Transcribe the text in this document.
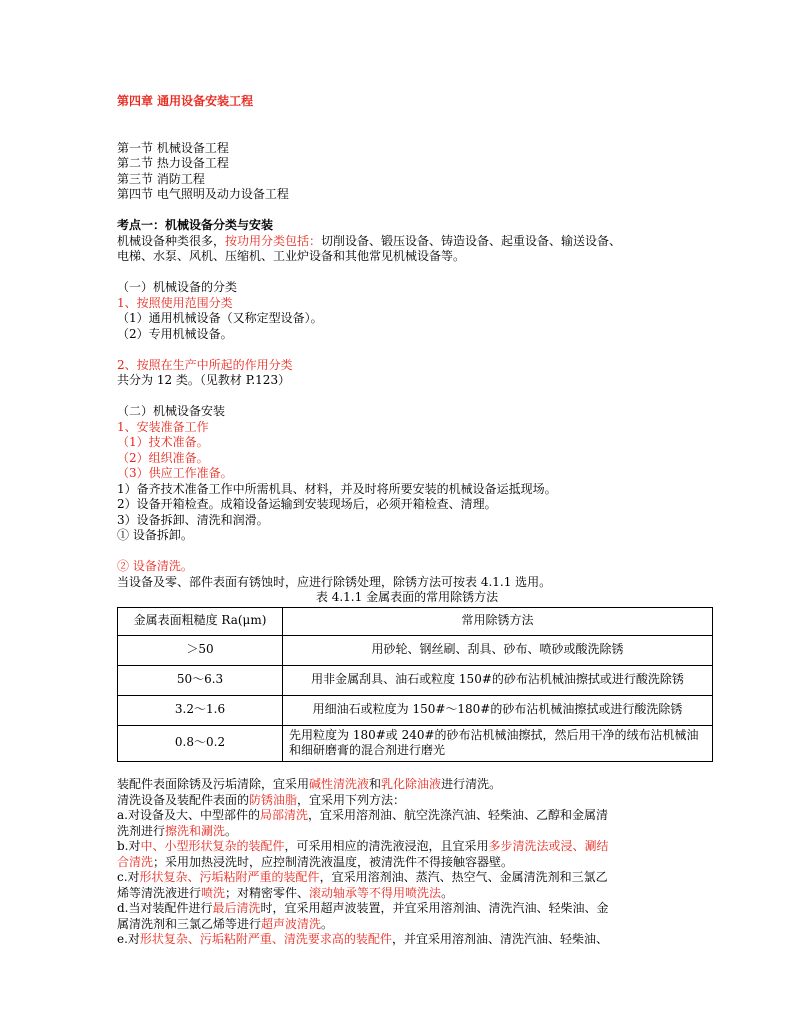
第四章 通用设备安装工程
第一节 机械设备工程
第二节 热力设备工程
第三节 消防工程
第四节 电气照明及动力设备工程
考点一：机械设备分类与安装
机械设备种类很多，按功用分类包括：切削设备、锻压设备、铸造设备、起重设备、输送设备、
电梯、水泵、风机、压缩机、工业炉设备和其他常见机械设备等。
（一）机械设备的分类
1、按照使用范围分类
（1）通用机械设备（又称定型设备）。
（2）专用机械设备。
2、按照在生产中所起的作用分类
共分为 12 类。（见教材 P.123）
（二）机械设备安装
1、安装准备工作
（1）技术准备。
（2）组织准备。
（3）供应工作准备。
1）备齐技术准备工作中所需机具、材料，并及时将所要安装的机械设备运抵现场。
2）设备开箱检查。成箱设备运输到安装现场后，必须开箱检查、清理。
3）设备拆卸、清洗和润滑。
① 设备拆卸。
② 设备清洗。
当设备及零、部件表面有锈蚀时，应进行除锈处理，除锈方法可按表 4.1.1 选用。
表 4.1.1 金属表面的常用除锈方法
金属表面粗糙度 Ra(μm)	常用除锈方法
＞50	用砂轮、钢丝刷、刮具、砂布、喷砂或酸洗除锈
50～6.3	用非金属刮具、油石或粒度 150#的砂布沾机械油擦拭或进行酸洗除锈
3.2～1.6	用细油石或粒度为 150#～180#的砂布沾机械油擦拭或进行酸洗除锈
0.8～0.2	先用粒度为 180#或 240#的砂布沾机械油擦拭，然后用干净的绒布沾机械油和细研磨膏的混合剂进行磨光
装配件表面除锈及污垢清除，宜采用碱性清洗液和乳化除油液进行清洗。
清洗设备及装配件表面的防锈油脂，宜采用下列方法：
a.对设备及大、中型部件的局部清洗，宜采用溶剂油、航空洗涤汽油、轻柴油、乙醇和金属清
洗剂进行擦洗和涮洗。
b.对中、小型形状复杂的装配件，可采用相应的清洗液浸泡，且宜采用多步清洗法或浸、涮结
合清洗；采用加热浸洗时，应控制清洗液温度，被清洗件不得接触容器壁。
c.对形状复杂、污垢粘附严重的装配件，宜采用溶剂油、蒸汽、热空气、金属清洗剂和三氯乙
烯等清洗液进行喷洗；对精密零件、滚动轴承等不得用喷洗法。
d.当对装配件进行最后清洗时，宜采用超声波装置，并宜采用溶剂油、清洗汽油、轻柴油、金
属清洗剂和三氯乙烯等进行超声波清洗。
e.对形状复杂、污垢粘附严重、清洗要求高的装配件，并宜采用溶剂油、清洗汽油、轻柴油、
